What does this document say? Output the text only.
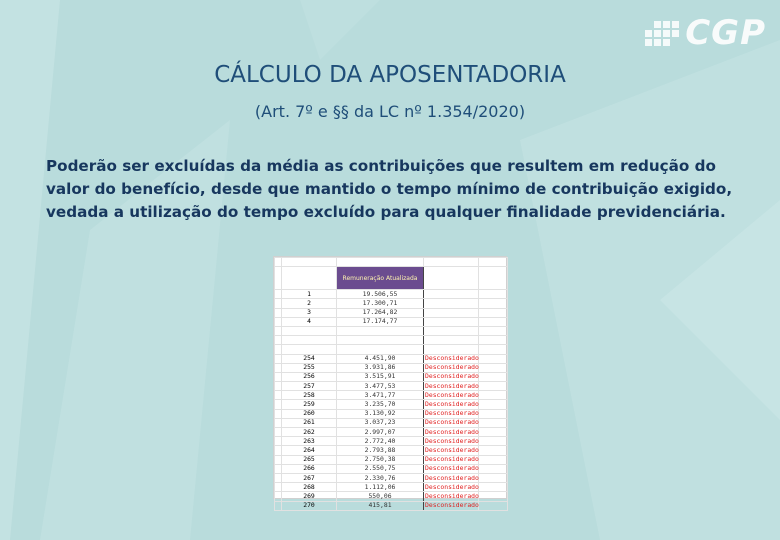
CGP
CÁLCULO DA APOSENTADORIA
(Art. 7º e §§ da LC nº 1.354/2020)
Poderão ser excluídas da média as contribuições que resultem em redução do valor do benefício, desde que mantido o tempo mínimo de contribuição exigido, vedada a utilização do tempo excluído para qualquer finalidade previdenciária.

		Remuneração Atualizada		
	1	19.506,55		
	2	17.300,71		
	3	17.264,82		
	4	17.174,77		

	254	4.451,90	Desconsiderado	
	255	3.931,86	Desconsiderado	
	256	3.515,91	Desconsiderado	
	257	3.477,53	Desconsiderado	
	258	3.471,77	Desconsiderado	
	259	3.235,70	Desconsiderado	
	260	3.130,92	Desconsiderado	
	261	3.037,23	Desconsiderado	
	262	2.997,07	Desconsiderado	
	263	2.772,40	Desconsiderado	
	264	2.793,88	Desconsiderado	
	265	2.750,38	Desconsiderado	
	266	2.550,75	Desconsiderado	
	267	2.330,76	Desconsiderado	
	268	1.112,06	Desconsiderado	
	269	550,06	Desconsiderado	
	270	415,81	Desconsiderado	
